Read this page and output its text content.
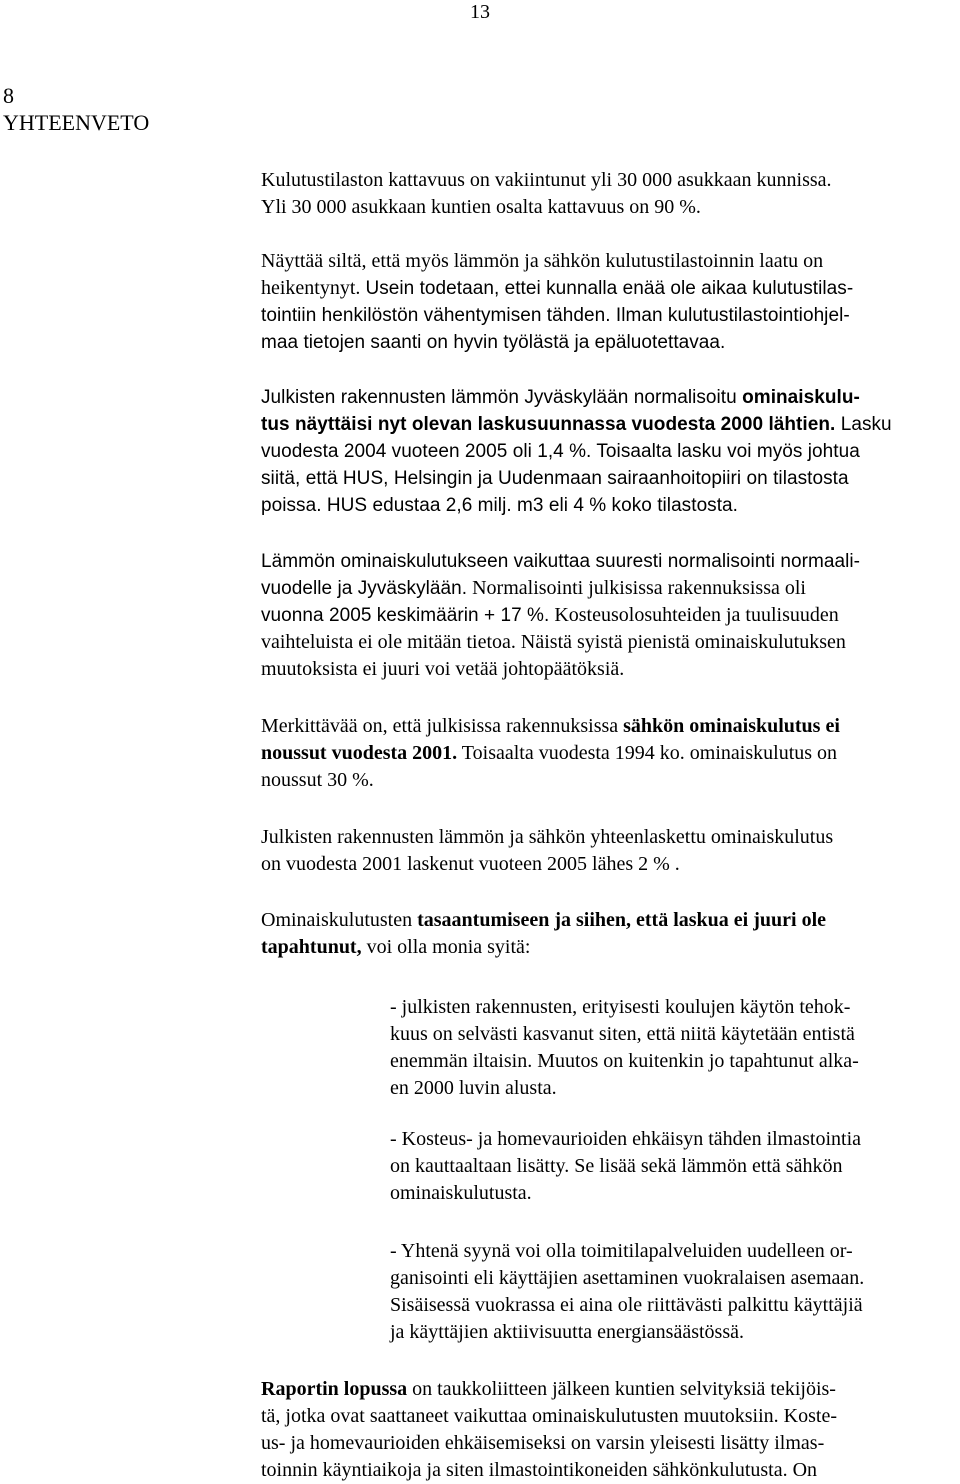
13
8
YHTEENVETO
Kulutustilaston kattavuus on vakiintunut yli 30 000 asukkaan kunnissa.
Yli 30 000 asukkaan kuntien osalta kattavuus on 90 %.
Näyttää siltä, että myös lämmön ja sähkön kulutustilastoinnin laatu on
heikentynyt. Usein todetaan, ettei kunnalla enää ole aikaa kulutustilas-
tointiin henkilöstön vähentymisen tähden. Ilman kulutustilastointiohjel-
maa tietojen saanti on hyvin työlästä ja epäluotettavaa.
Julkisten rakennusten lämmön Jyväskylään normalisoitu ominaiskulu-
tus näyttäisi nyt olevan laskusuunnassa vuodesta 2000 lähtien. Lasku
vuodesta 2004 vuoteen 2005 oli 1,4 %. Toisaalta lasku voi myös johtua
siitä, että HUS, Helsingin ja Uudenmaan sairaanhoitopiiri on tilastosta
poissa. HUS edustaa 2,6 milj. m3 eli 4 % koko tilastosta.
Lämmön ominaiskulutukseen vaikuttaa suuresti normalisointi normaali-
vuodelle ja Jyväskylään. Normalisointi julkisissa rakennuksissa oli
vuonna 2005 keskimäärin + 17 %. Kosteusolosuhteiden ja tuulisuuden
vaihteluista ei ole mitään tietoa. Näistä syistä pienistä ominaiskulutuksen
muutoksista ei juuri voi vetää johtopäätöksiä.
Merkittävää on, että julkisissa rakennuksissa sähkön ominaiskulutus ei
noussut vuodesta 2001. Toisaalta vuodesta 1994 ko. ominaiskulutus on
noussut 30 %.
Julkisten rakennusten lämmön ja sähkön yhteenlaskettu ominaiskulutus
on vuodesta 2001 laskenut vuoteen 2005 lähes 2 % .
Ominaiskulutusten tasaantumiseen ja siihen, että laskua ei juuri ole
tapahtunut, voi olla monia syitä:
- julkisten rakennusten, erityisesti koulujen käytön tehok-
kuus on selvästi kasvanut siten, että niitä käytetään entistä
enemmän iltaisin. Muutos on kuitenkin jo tapahtunut alka-
en 2000 luvin alusta.
- Kosteus- ja homevaurioiden ehkäisyn tähden ilmastointia
on kauttaaltaan lisätty. Se lisää sekä lämmön että sähkön
ominaiskulutusta.
- Yhtenä syynä voi olla toimitilapalveluiden uudelleen or-
ganisointi eli käyttäjien asettaminen vuokralaisen asemaan.
Sisäisessä vuokrassa ei aina ole riittävästi palkittu käyttäjiä
ja käyttäjien aktiivisuutta energiansäästössä.
Raportin lopussa on taukkoliitteen jälkeen kuntien selvityksiä tekijöis-
tä, jotka ovat saattaneet vaikuttaa ominaiskulutusten muutoksiin. Koste-
us- ja homevaurioiden ehkäisemiseksi on varsin yleisesti lisätty ilmas-
toinnin käyntiaikoja ja siten ilmastointikoneiden sähkönkulutusta. On
